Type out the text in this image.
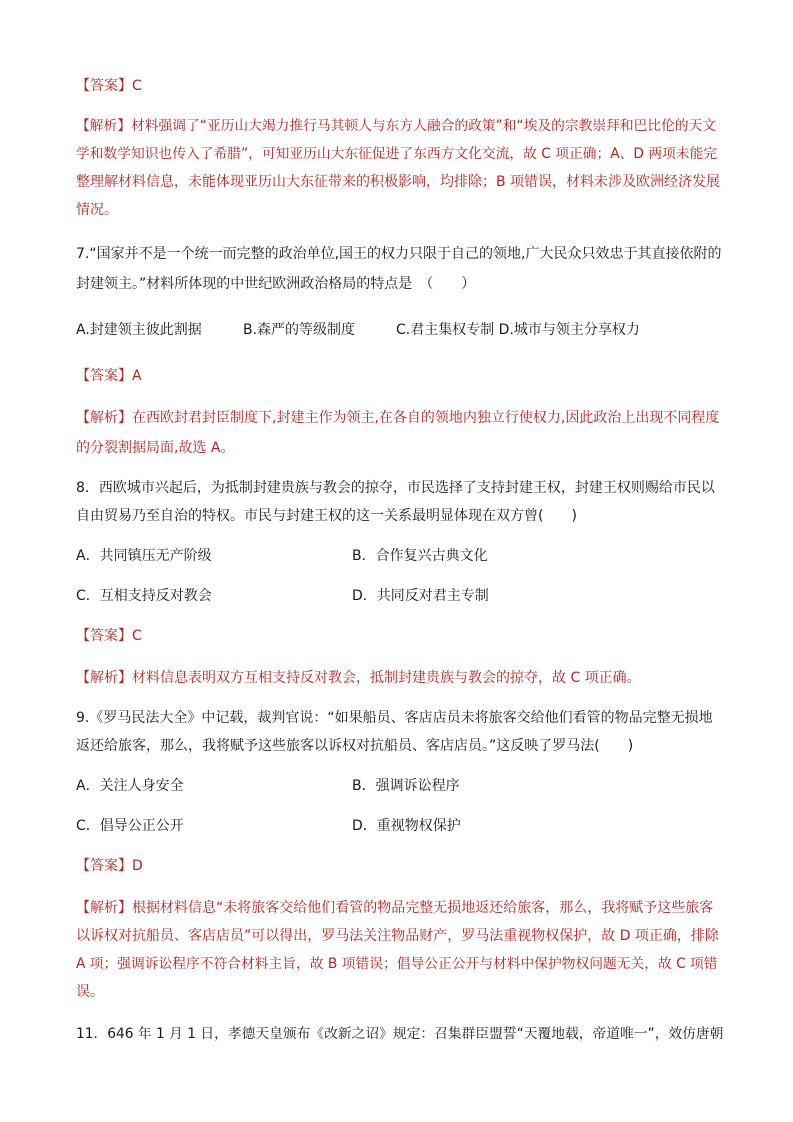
【答案】C
【解析】材料强调了“亚历山大竭力推行马其顿人与东方人融合的政策”和“埃及的宗教崇拜和巴比伦的天文
学和数学知识也传入了希腊”，可知亚历山大东征促进了东西方文化交流，故 C 项正确；A、D 两项未能完
整理解材料信息，未能体现亚历山大东征带来的积极影响，均排除；B 项错误，材料未涉及欧洲经济发展
情况。
7.“国家并不是一个统一而完整的政治单位,国王的权力只限于自己的领地,广大民众只效忠于其直接依附的
封建领主。”材料所体现的中世纪欧洲政治格局的特点是　（　　）
A.封建领主彼此割据	B.森严的等级制度	C.君主集权专制 D.城市与领主分享权力
【答案】A
【解析】在西欧封君封臣制度下,封建主作为领主,在各自的领地内独立行使权力,因此政治上出现不同程度
的分裂割据局面,故选 A。
8．西欧城市兴起后，为抵制封建贵族与教会的掠夺，市民选择了支持封建王权，封建王权则赐给市民以
自由贸易乃至自治的特权。市民与封建王权的这一关系最明显体现在双方曾(　　)
A．共同镇压无产阶级	B．合作复兴古典文化
C．互相支持反对教会	D．共同反对君主专制
【答案】C
【解析】材料信息表明双方互相支持反对教会，抵制封建贵族与教会的掠夺，故 C 项正确。
9.《罗马民法大全》中记载，裁判官说：“如果船员、客店店员未将旅客交给他们看管的物品完整无损地
返还给旅客，那么，我将赋予这些旅客以诉权对抗船员、客店店员。”这反映了罗马法(　　)
A．关注人身安全	B．强调诉讼程序
C．倡导公正公开	D．重视物权保护
【答案】D
【解析】根据材料信息“未将旅客交给他们看管的物品完整无损地返还给旅客，那么，我将赋予这些旅客
以诉权对抗船员、客店店员”可以得出，罗马法关注物品财产，罗马法重视物权保护，故 D 项正确，排除
A 项；强调诉讼程序不符合材料主旨，故 B 项错误；倡导公正公开与材料中保护物权问题无关，故 C 项错
误。
11．646 年 1 月 1 日，孝德天皇颁布《改新之诏》规定：召集群臣盟誓“天覆地载，帝道唯一”，效仿唐朝
